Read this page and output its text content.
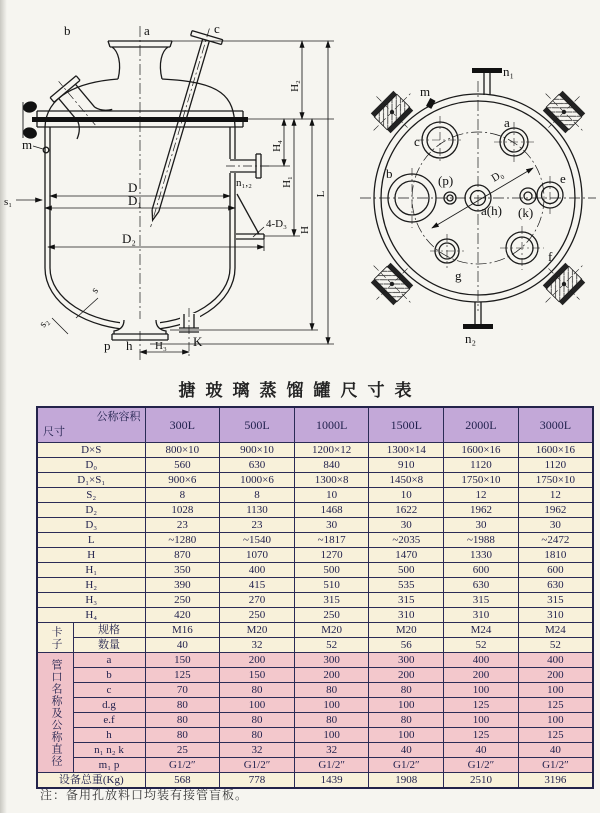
b	a	c
m
s₁
D
D₁
D₂
4-D₃
n₁,₂
s
s₂
p h H₃ K
H₂
H₄
H₁
H
L
n₁
n₂
m
c
a
b	e
f
g
(p)
a(h) (k)
D₀
搪玻璃蒸馏罐尺寸表
公称容积
尺寸		300L	500L	1000L	1500L	2000L	3000L
D×S		800×10	900×10	1200×12	1300×14	1600×16	1600×16
D₀		560	630	840	910	1120	1120
D₁×S₁		900×6	1000×6	1300×8	1450×8	1750×10	1750×10
S₂		8	8	10	10	12	12
D₂		1028	1130	1468	1622	1962	1962
D₃		23	23	30	30	30	30
L		~1280	~1540	~1817	~2035	~1988	~2472
H		870	1070	1270	1470	1330	1810
H₁		350	400	500	500	600	600
H₂		390	415	510	535	630	630
H₃		250	270	315	315	315	315
H₄		420	250	250	310	310	310

卡子	规格	M16	M20	M20	M20	M24	M24
	数量	40	32	52	56	52	52

管口名称及公称直径	a	150	200	300	300	400	400
	b	125	150	200	200	200	200
	c	70	80	80	80	100	100
	d.g	80	100	100	100	125	125
	e.f	80	80	80	80	100	100
	h	80	80	100	100	125	125
	n₁ n₂ k	25	32	32	40	40	40
	m₁ p	G1/2″	G1/2″	G1/2″	G1/2″	G1/2″	G1/2″
设备总重(Kg)		568	778	1439	1908	2510	3196
注：备用孔放料口均装有接管盲板。
